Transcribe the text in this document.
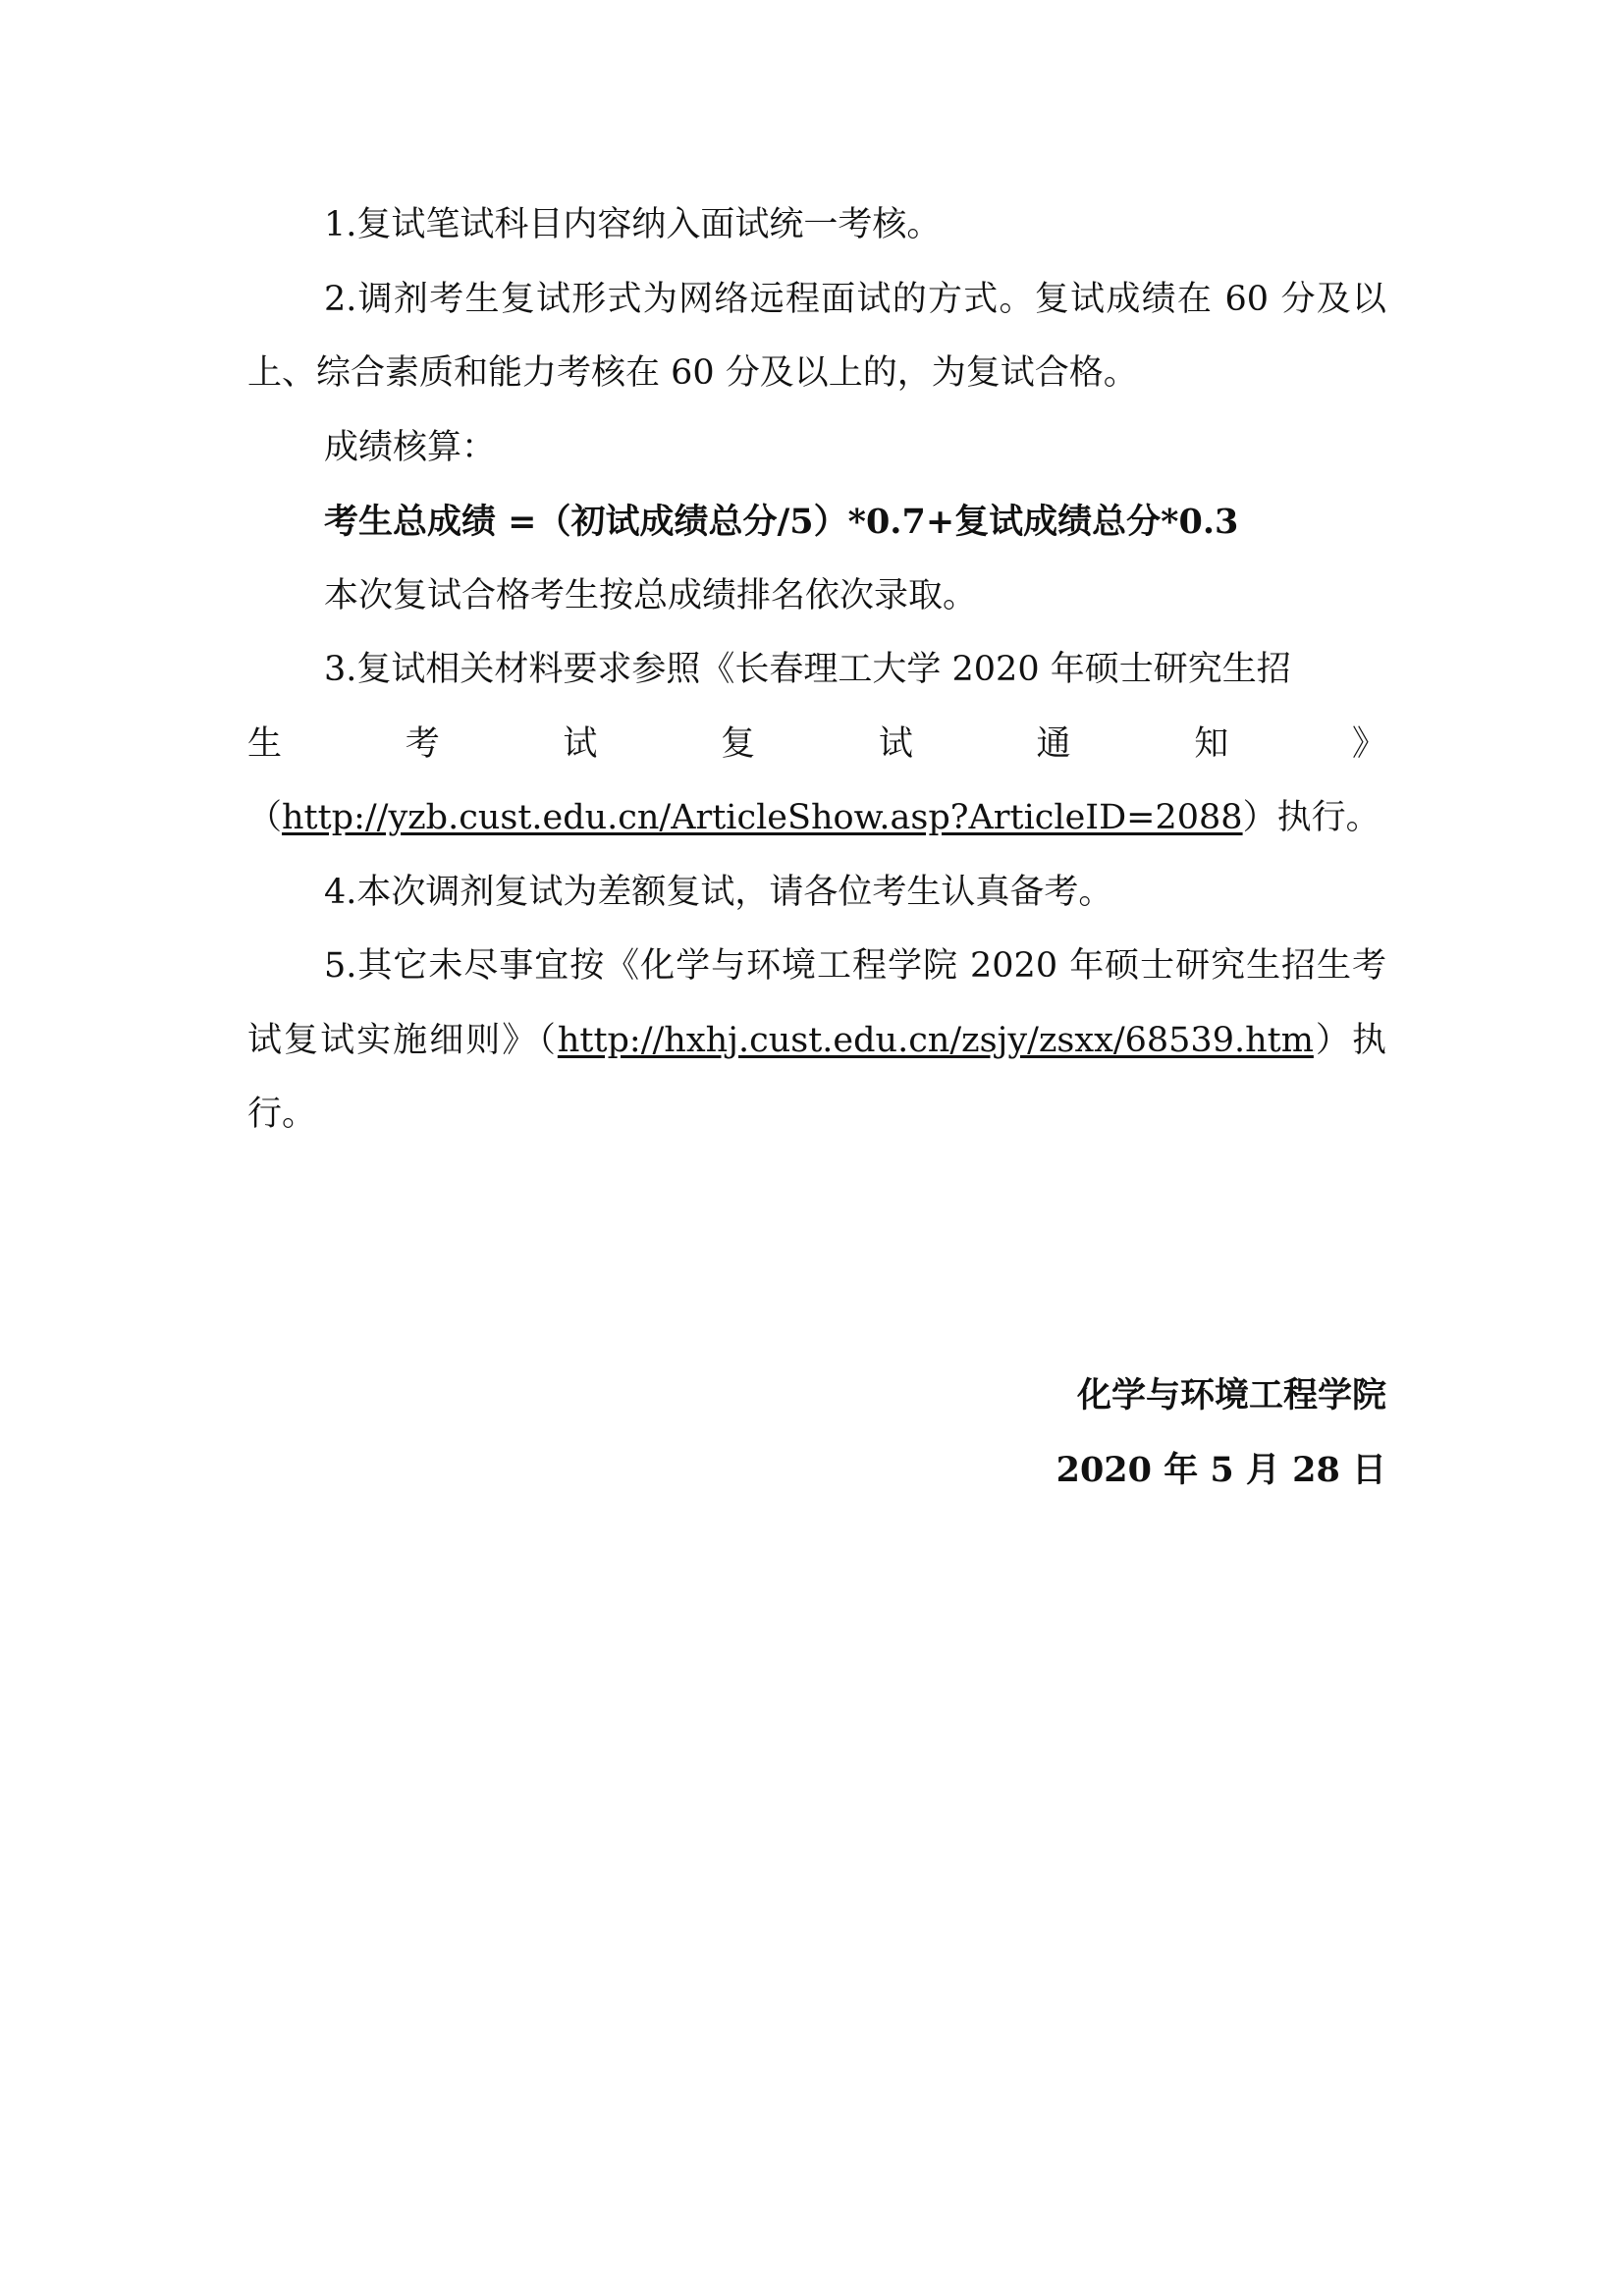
1.复试笔试科目内容纳入面试统一考核。

2.调剂考生复试形式为网络远程面试的方式。复试成绩在 60 分及以上、综合素质和能力考核在 60 分及以上的，为复试合格。

成绩核算：

考生总成绩 =（初试成绩总分/5）*0.7+复试成绩总分*0.3

本次复试合格考生按总成绩排名依次录取。

3.复试相关材料要求参照《长春理工大学 2020 年硕士研究生招

生	考	试	复	试	通	知	》

（http://yzb.cust.edu.cn/ArticleShow.asp?ArticleID=2088）执行。

4.本次调剂复试为差额复试，请各位考生认真备考。

5.其它未尽事宜按《化学与环境工程学院 2020 年硕士研究生招生考试复试实施细则》（http://hxhj.cust.edu.cn/zsjy/zsxx/68539.htm）执行。

化学与环境工程学院
2020 年 5 月 28 日
